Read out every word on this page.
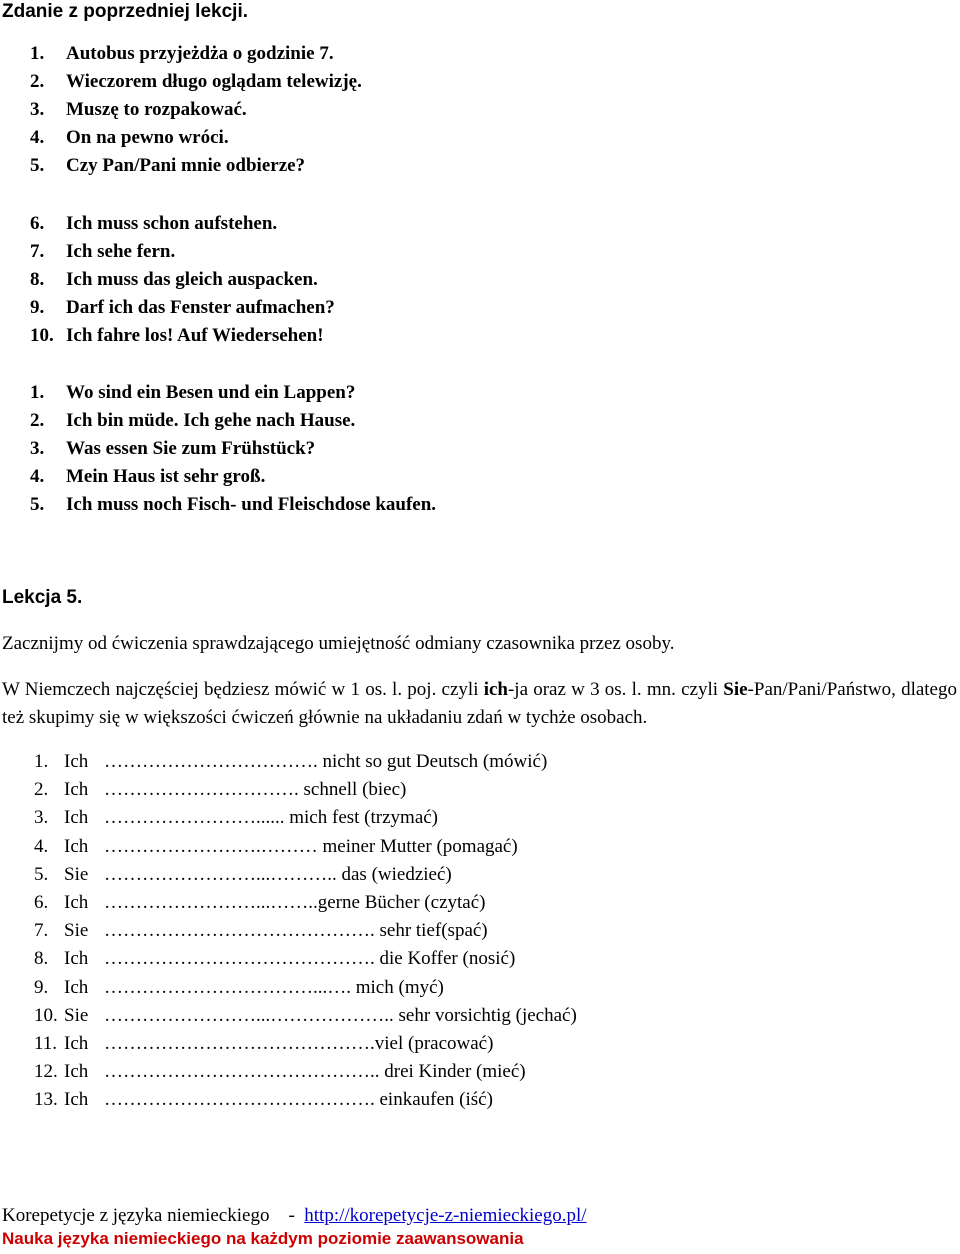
Zdanie z poprzedniej lekcji.
1. Autobus przyjeżdża o godzinie 7.
2. Wieczorem długo oglądam telewizję.
3. Muszę to rozpakować.
4. On na pewno wróci.
5. Czy Pan/Pani mnie odbierze?
6. Ich muss schon aufstehen.
7. Ich sehe fern.
8. Ich muss das gleich auspacken.
9. Darf ich das Fenster aufmachen?
10. Ich fahre los! Auf Wiedersehen!
1. Wo sind ein Besen und ein Lappen?
2. Ich bin müde. Ich gehe nach Hause.
3. Was essen Sie zum Frühstück?
4. Mein Haus ist sehr groß.
5. Ich muss noch Fisch- und Fleischdose kaufen.
Lekcja 5.
Zacznijmy od ćwiczenia sprawdzającego umiejętność odmiany czasownika przez osoby.
W Niemczech najczęściej będziesz mówić w 1 os. l. poj. czyli ich-ja oraz w 3 os. l. mn. czyli Sie-Pan/Pani/Państwo, dlatego też skupimy się w większości ćwiczeń głównie na układaniu zdań w tychże osobach.
1. Ich ……………………………. nicht so gut Deutsch (mówić)
2. Ich …………………………. schnell (biec)
3. Ich ……………………...... mich fest (trzymać)
4. Ich …………………….……… meiner Mutter (pomagać)
5. Sie ……………………...……….. das (wiedzieć)
6. Ich ……………………...……..gerne Bücher (czytać)
7. Sie ……………………………………. sehr tief(spać)
8. Ich ……………………………………. die Koffer (nosić)
9. Ich ……………………………...…. mich (myć)
10. Sie ……………………...……………….. sehr vorsichtig (jechać)
11. Ich …………………………………….viel (pracować)
12. Ich …………………………………….. drei Kinder (mieć)
13. Ich ……………………………………. einkaufen (iść)
Korepetycje z języka niemieckiego    -  http://korepetycje-z-niemieckiego.pl/
Nauka języka niemieckiego na każdym poziomie zaawansowania
